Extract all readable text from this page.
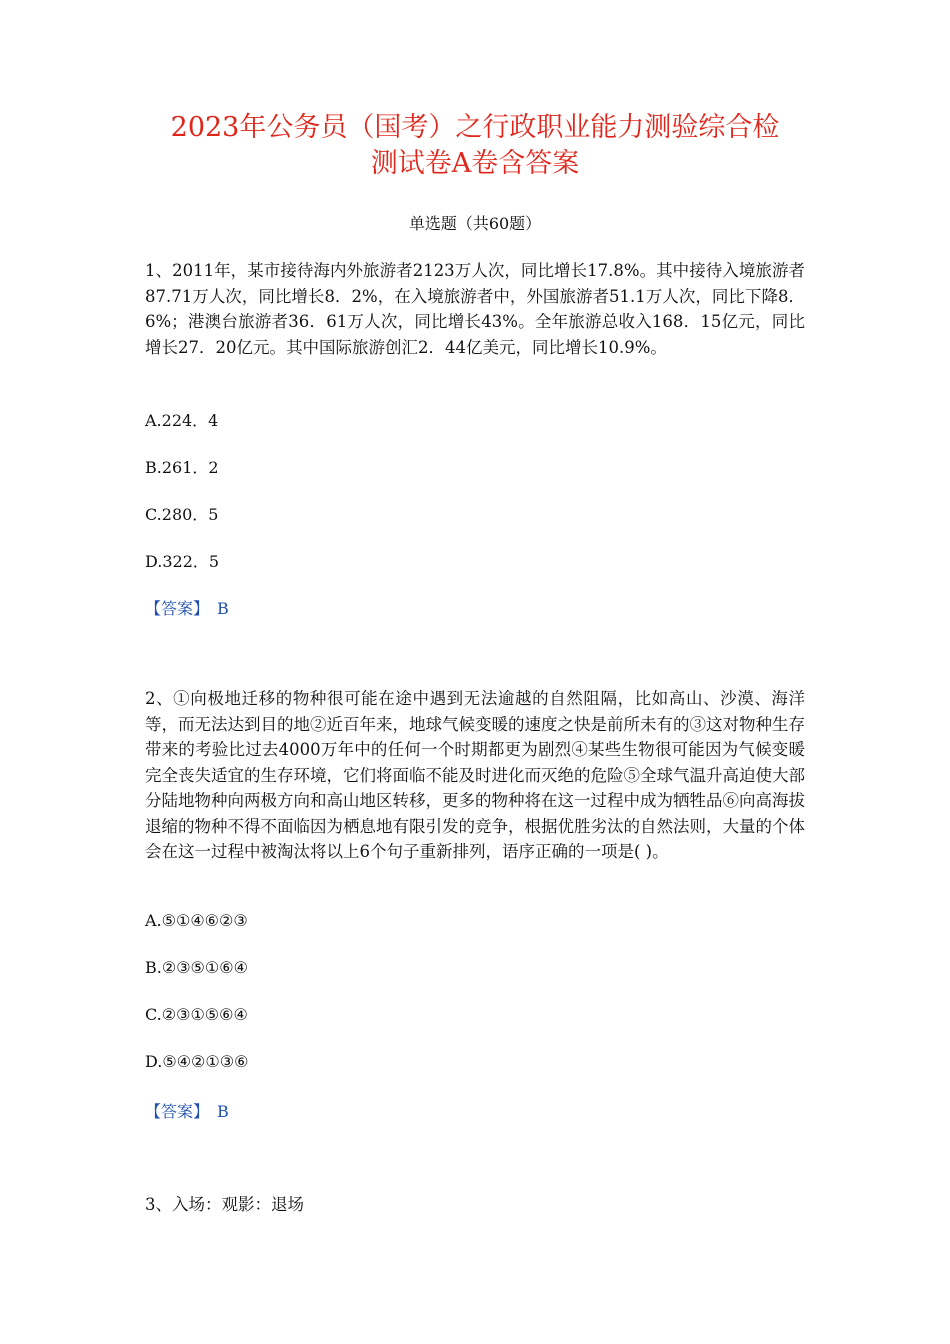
2023年公务员（国考）之行政职业能力测验综合检
测试卷A卷含答案
单选题（共60题）
1、2011年，某市接待海内外旅游者2123万人次，同比增长17.8%。其中接待入境旅游者87.71万人次，同比增长8．2%，在入境旅游者中，外国旅游者51.1万人次，同比下降8．6%；港澳台旅游者36．61万人次，同比增长43%。全年旅游总收入168．15亿元，同比增长27．20亿元。其中国际旅游创汇2．44亿美元，同比增长10.9%。
A.224．4
B.261．2
C.280．5
D.322．5
【答案】 B
2、①向极地迁移的物种很可能在途中遇到无法逾越的自然阻隔，比如高山、沙漠、海洋等，而无法达到目的地②近百年来，地球气候变暖的速度之快是前所未有的③这对物种生存带来的考验比过去4000万年中的任何一个时期都更为剧烈④某些生物很可能因为气候变暖完全丧失适宜的生存环境，它们将面临不能及时进化而灭绝的危险⑤全球气温升高迫使大部分陆地物种向两极方向和高山地区转移，更多的物种将在这一过程中成为牺牲品⑥向高海拔退缩的物种不得不面临因为栖息地有限引发的竞争，根据优胜劣汰的自然法则，大量的个体会在这一过程中被淘汰将以上6个句子重新排列，语序正确的一项是( )。
A.⑤①④⑥②③
B.②③⑤①⑥④
C.②③①⑤⑥④
D.⑤④②①③⑥
【答案】 B
3、入场：观影：退场
